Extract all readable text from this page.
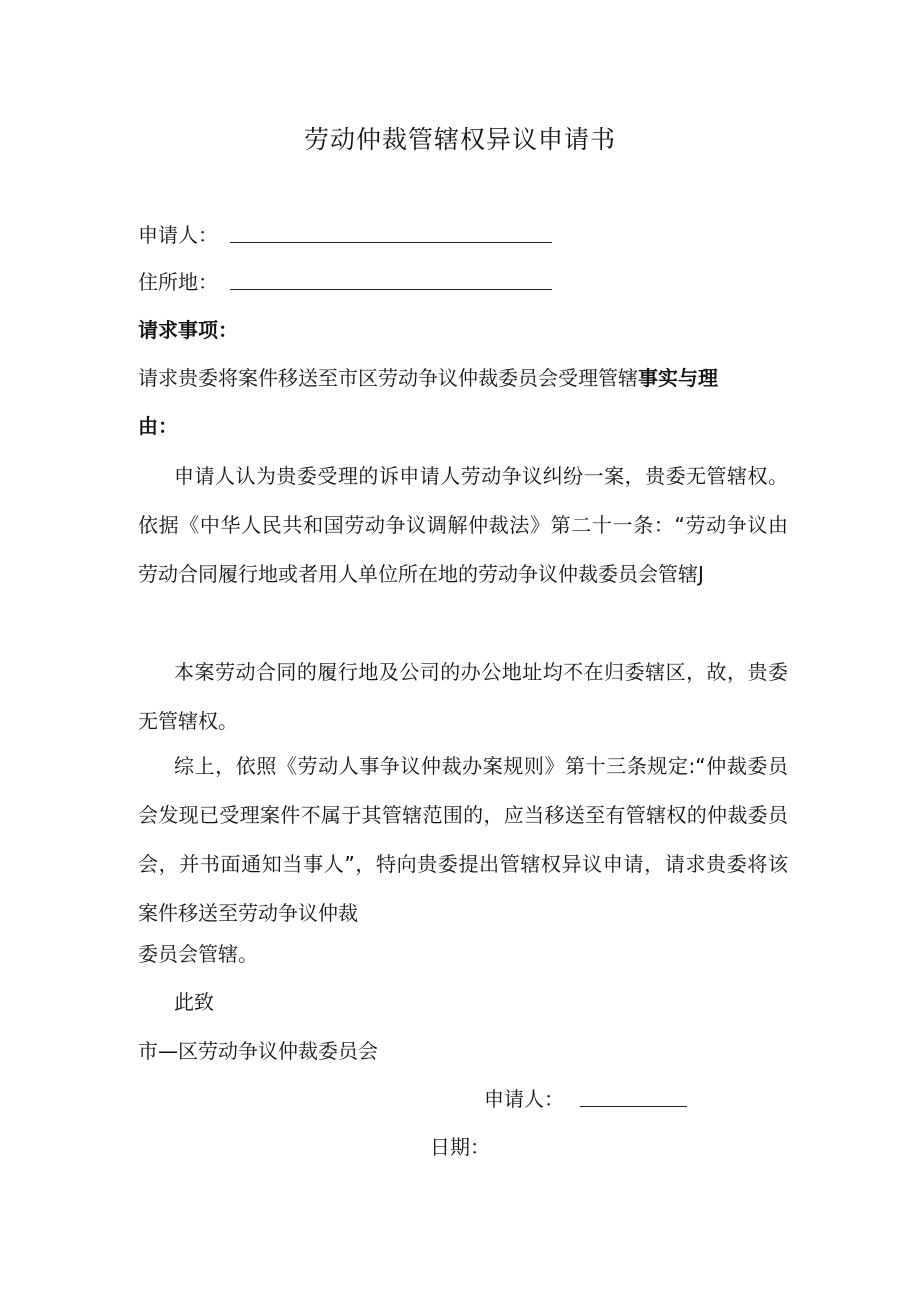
劳动仲裁管辖权异议申请书
申请人：
住所地：
请求事项：
请求贵委将案件移送至市区劳动争议仲裁委员会受理管辖事实与理
由：
申请人认为贵委受理的诉申请人劳动争议纠纷一案，贵委无管辖权。依据《中华人民共和国劳动争议调解仲裁法》第二十一条：“劳动争议由劳动合同履行地或者用人单位所在地的劳动争议仲裁委员会管辖J
本案劳动合同的履行地及公司的办公地址均不在归委辖区，故，贵委无管辖权。
综上，依照《劳动人事争议仲裁办案规则》第十三条规定:“仲裁委员会发现已受理案件不属于其管辖范围的，应当移送至有管辖权的仲裁委员会，并书面通知当事人”，特向贵委提出管辖权异议申请，请求贵委将该案件移送至劳动争议仲裁
委员会管辖。
此致
市—区劳动争议仲裁委员会
申请人：
日期：
